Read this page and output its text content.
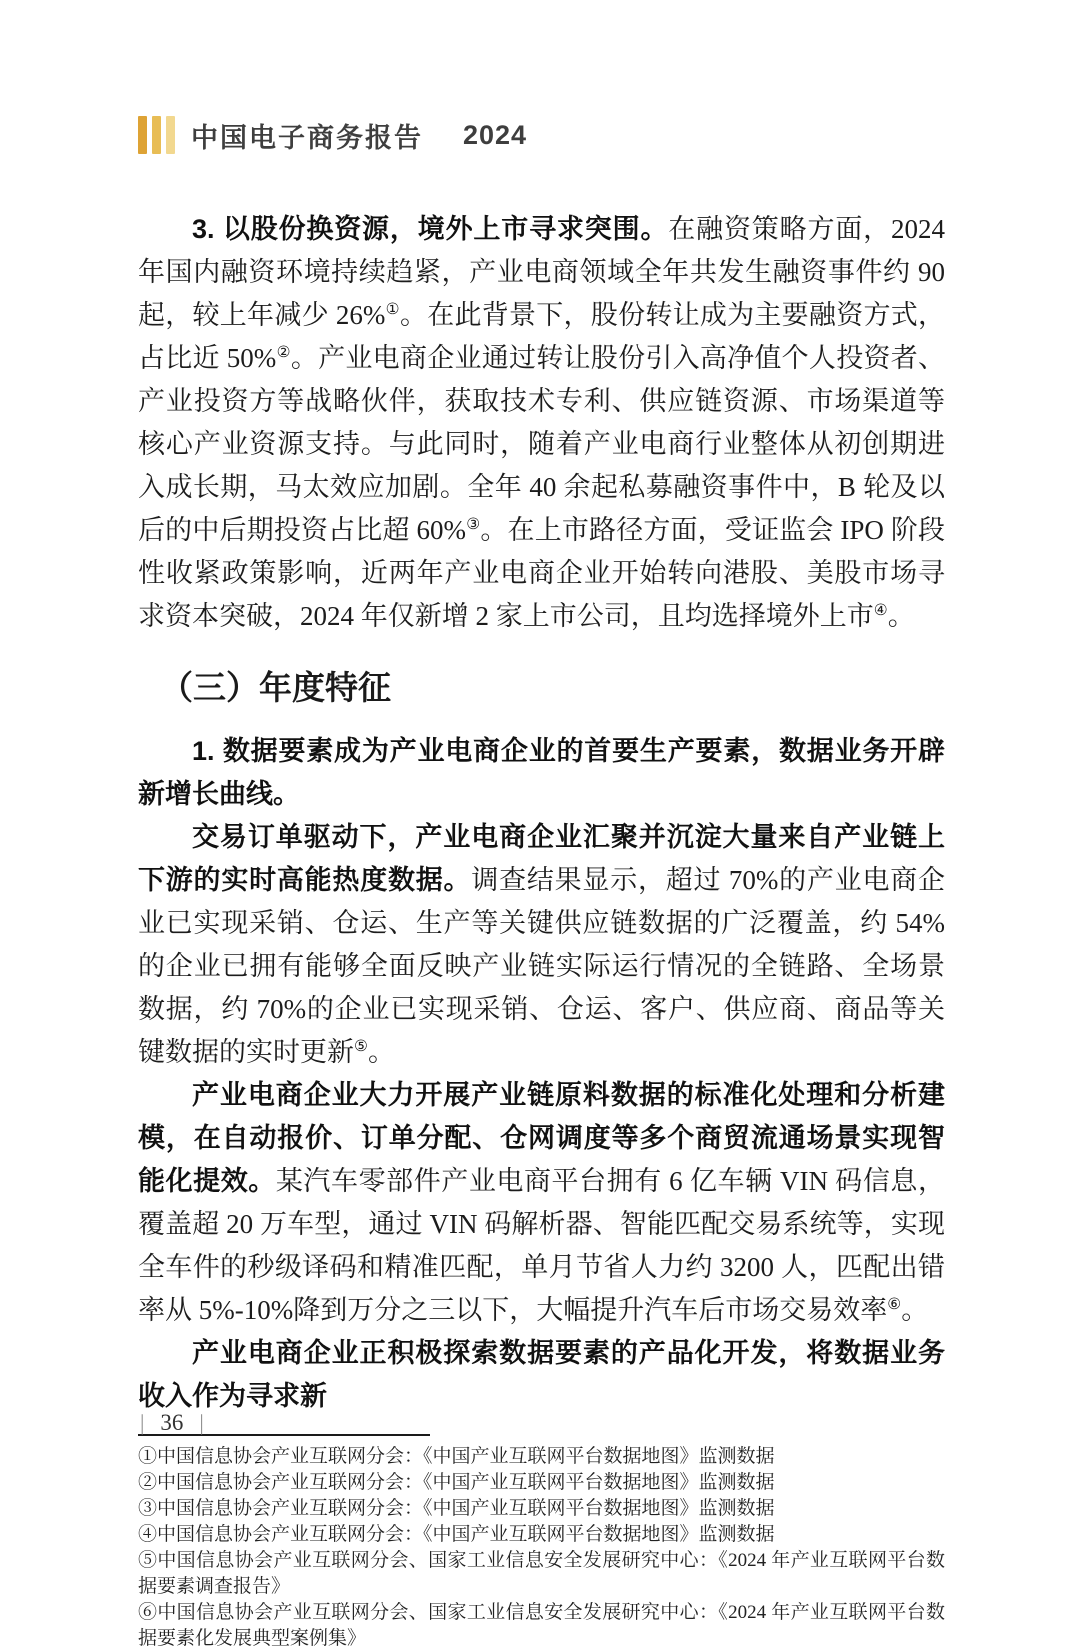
中国电子商务报告 2024

3. 以股份换资源，境外上市寻求突围。在融资策略方面，2024 年国内融资环境持续趋紧，产业电商领域全年共发生融资事件约 90 起，较上年减少 26%①。在此背景下，股份转让成为主要融资方式，占比近 50%②。产业电商企业通过转让股份引入高净值个人投资者、产业投资方等战略伙伴，获取技术专利、供应链资源、市场渠道等核心产业资源支持。与此同时，随着产业电商行业整体从初创期进入成长期，马太效应加剧。全年 40 余起私募融资事件中，B 轮及以后的中后期投资占比超 60%③。在上市路径方面，受证监会 IPO 阶段性收紧政策影响，近两年产业电商企业开始转向港股、美股市场寻求资本突破，2024 年仅新增 2 家上市公司，且均选择境外上市④。

（三）年度特征

1. 数据要素成为产业电商企业的首要生产要素，数据业务开辟新增长曲线。

交易订单驱动下，产业电商企业汇聚并沉淀大量来自产业链上下游的实时高能热度数据。调查结果显示，超过 70%的产业电商企业已实现采销、仓运、生产等关键供应链数据的广泛覆盖，约 54%的企业已拥有能够全面反映产业链实际运行情况的全链路、全场景数据，约 70%的企业已实现采销、仓运、客户、供应商、商品等关键数据的实时更新⑤。

产业电商企业大力开展产业链原料数据的标准化处理和分析建模，在自动报价、订单分配、仓网调度等多个商贸流通场景实现智能化提效。某汽车零部件产业电商平台拥有 6 亿车辆 VIN 码信息，覆盖超 20 万车型，通过 VIN 码解析器、智能匹配交易系统等，实现全车件的秒级译码和精准匹配，单月节省人力约 3200 人，匹配出错率从 5%-10%降到万分之三以下，大幅提升汽车后市场交易效率⑥。

产业电商企业正积极探索数据要素的产品化开发，将数据业务收入作为寻求新

①中国信息协会产业互联网分会：《中国产业互联网平台数据地图》监测数据
②中国信息协会产业互联网分会：《中国产业互联网平台数据地图》监测数据
③中国信息协会产业互联网分会：《中国产业互联网平台数据地图》监测数据
④中国信息协会产业互联网分会：《中国产业互联网平台数据地图》监测数据
⑤中国信息协会产业互联网分会、国家工业信息安全发展研究中心：《2024 年产业互联网平台数据要素调查报告》
⑥中国信息协会产业互联网分会、国家工业信息安全发展研究中心：《2024 年产业互联网平台数据要素化发展典型案例集》
| 36 |
